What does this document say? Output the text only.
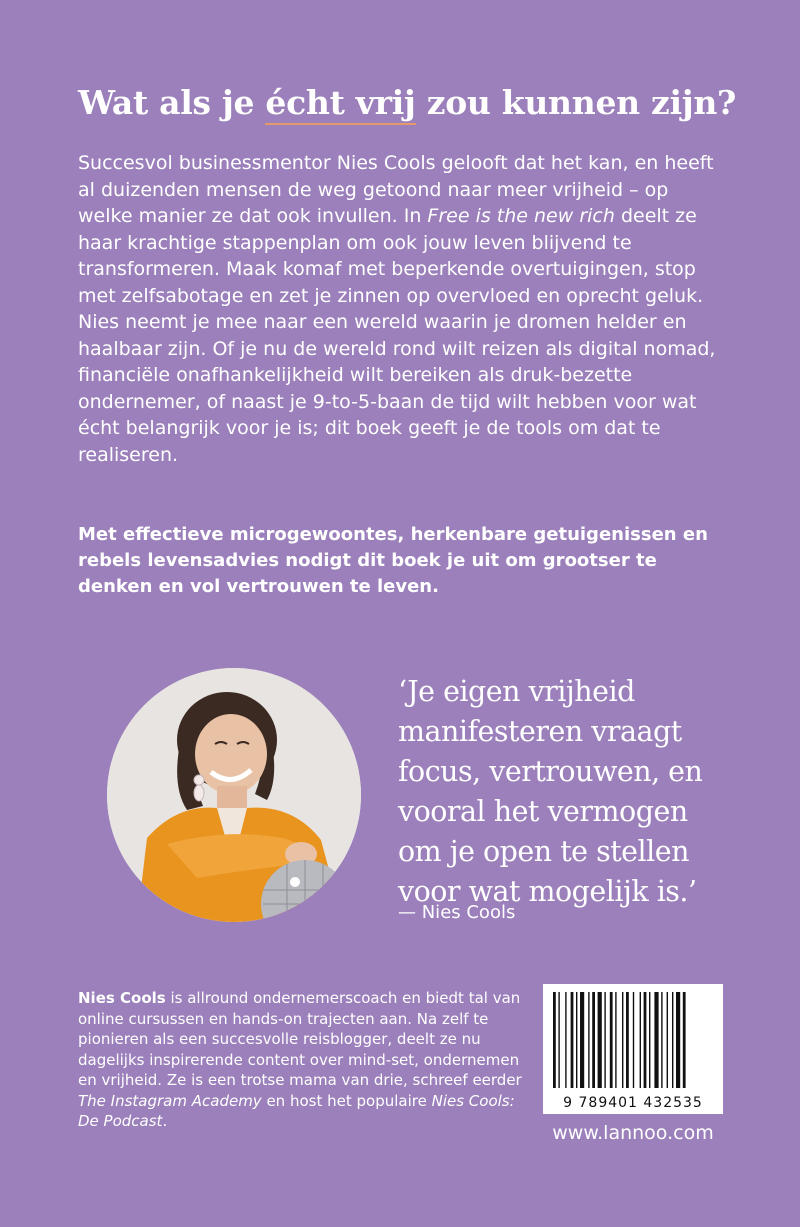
Wat als je écht vrij zou kunnen zijn?

Succesvol businessmentor Nies Cools gelooft dat het kan, en heeft al duizenden mensen de weg getoond naar meer vrijheid – op welke manier ze dat ook invullen. In Free is the new rich deelt ze haar krachtige stappenplan om ook jouw leven blijvend te transformeren. Maak komaf met beperkende overtuigingen, stop met zelfsabotage en zet je zinnen op overvloed en oprecht geluk.

Nies neemt je mee naar een wereld waarin je dromen helder en haalbaar zijn. Of je nu de wereld rond wilt reizen als digital nomad, financiële onafhankelijkheid wilt bereiken als druk-bezette ondernemer, of naast je 9-to-5-baan de tijd wilt hebben voor wat écht belangrijk voor je is; dit boek geeft je de tools om dat te realiseren.

Met effectieve microgewoontes, herkenbare getuigenissen en rebels levensadvies nodigt dit boek je uit om grootser te denken en vol vertrouwen te leven.

‘Je eigen vrijheid
manifesteren vraagt
focus, vertrouwen, en
vooral het vermogen
om je open te stellen
voor wat mogelijk is.’
— Nies Cools

Nies Cools is allround ondernemerscoach en biedt tal van online cursussen en hands-on trajecten aan. Na zelf te pionieren als een succesvolle reisblogger, deelt ze nu dagelijks inspirerende content over mind-set, ondernemen en vrijheid. Ze is een trotse mama van drie, schreef eerder The Instagram Academy en host het populaire Nies Cools: De Podcast.

9 789401 432535
www.lannoo.com
